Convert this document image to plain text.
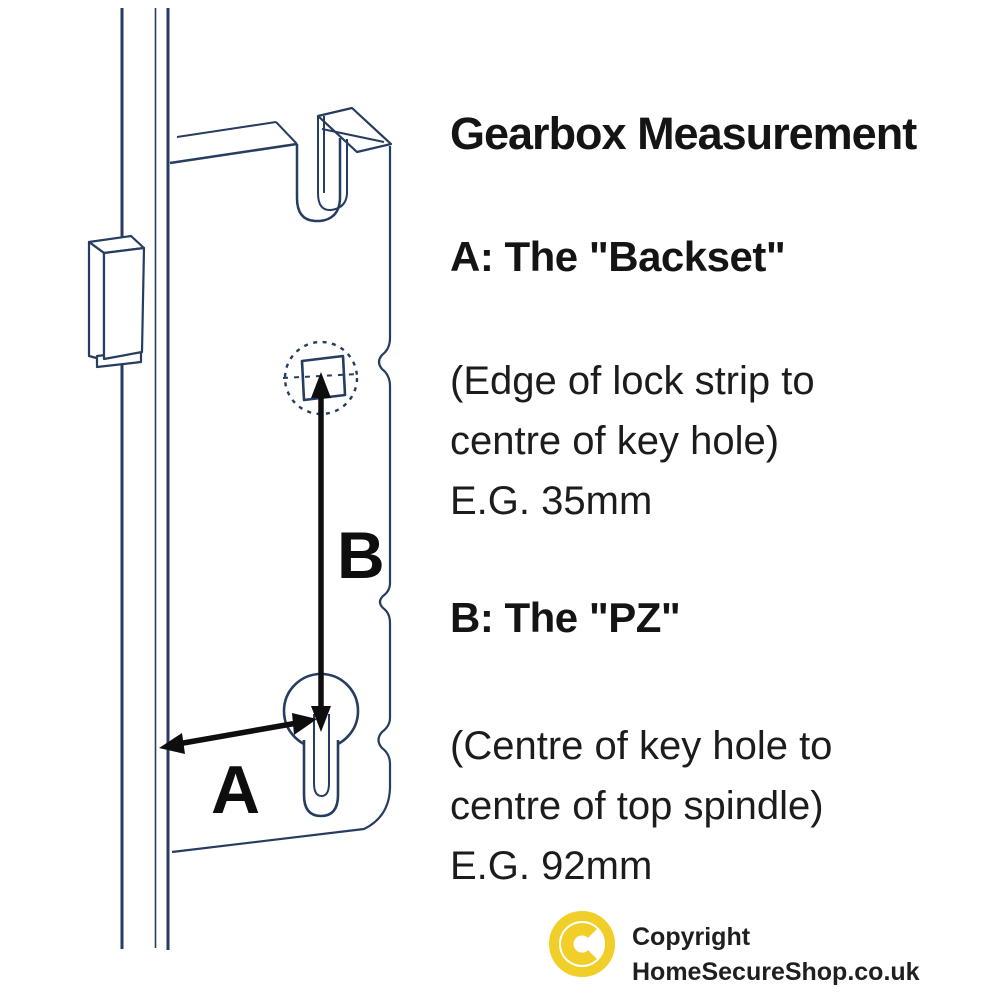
B
A
Gearbox Measurement
A: The "Backset"
(Edge of lock strip to
centre of key hole)
E.G. 35mm
B: The "PZ"
(Centre of key hole to
centre of top spindle)
E.G. 92mm
Copyright
HomeSecureShop.co.uk
